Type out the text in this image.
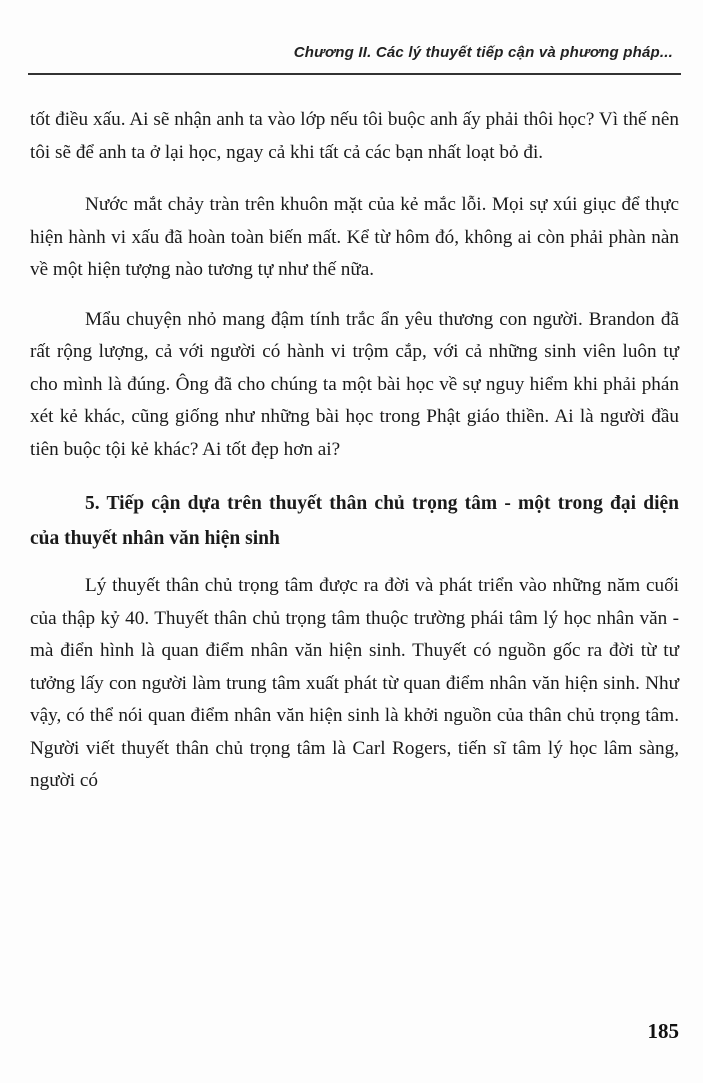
Chương II. Các lý thuyết tiếp cận và phương pháp...

tốt điều xấu. Ai sẽ nhận anh ta vào lớp nếu tôi buộc anh ấy phải thôi học? Vì thế nên tôi sẽ để anh ta ở lại học, ngay cả khi tất cả các bạn nhất loạt bỏ đi.

Nước mắt chảy tràn trên khuôn mặt của kẻ mắc lỗi. Mọi sự xúi giục để thực hiện hành vi xấu đã hoàn toàn biến mất. Kể từ hôm đó, không ai còn phải phàn nàn về một hiện tượng nào tương tự như thế nữa.

Mẩu chuyện nhỏ mang đậm tính trắc ẩn yêu thương con người. Brandon đã rất rộng lượng, cả với người có hành vi trộm cắp, với cả những sinh viên luôn tự cho mình là đúng. Ông đã cho chúng ta một bài học về sự nguy hiểm khi phải phán xét kẻ khác, cũng giống như những bài học trong Phật giáo thiền. Ai là người đầu tiên buộc tội kẻ khác? Ai tốt đẹp hơn ai?

5. Tiếp cận dựa trên thuyết thân chủ trọng tâm - một trong đại diện của thuyết nhân văn hiện sinh

Lý thuyết thân chủ trọng tâm được ra đời và phát triển vào những năm cuối của thập kỷ 40. Thuyết thân chủ trọng tâm thuộc trường phái tâm lý học nhân văn - mà điển hình là quan điểm nhân văn hiện sinh. Thuyết có nguồn gốc ra đời từ tư tưởng lấy con người làm trung tâm xuất phát từ quan điểm nhân văn hiện sinh. Như vậy, có thể nói quan điểm nhân văn hiện sinh là khởi nguồn của thân chủ trọng tâm. Người viết thuyết thân chủ trọng tâm là Carl Rogers, tiến sĩ tâm lý học lâm sàng, người có

185
